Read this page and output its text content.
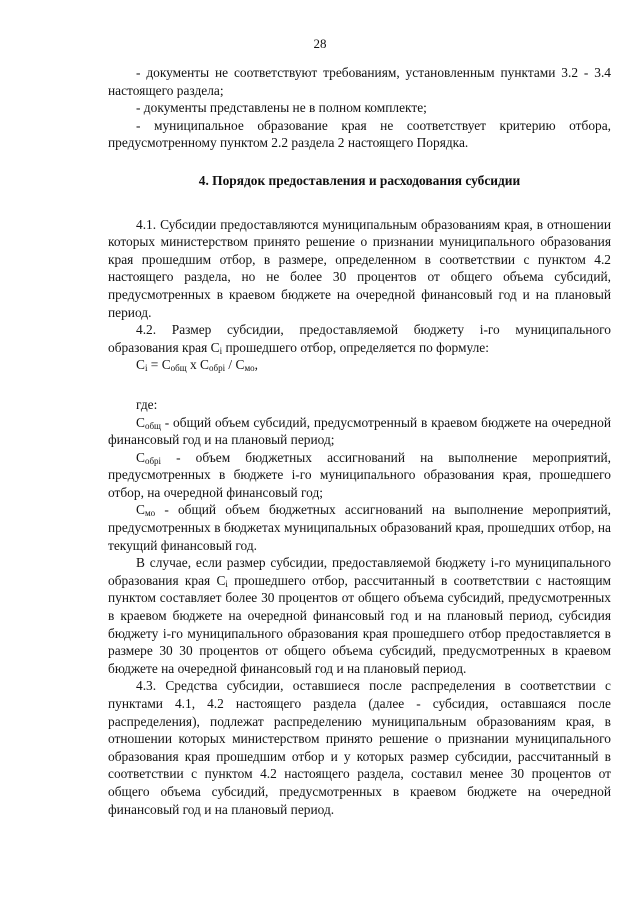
28

- документы не соответствуют требованиям, установленным пунктами 3.2 - 3.4 настоящего раздела;

- документы представлены не в полном комплекте;

- муниципальное образование края не соответствует критерию отбора, предусмотренному пунктом 2.2 раздела 2 настоящего Порядка.

4. Порядок предоставления и расходования субсидии

4.1. Субсидии предоставляются муниципальным образованиям края, в отношении которых министерством принято решение о признании муниципального образования края прошедшим отбор, в размере, определенном в соответствии с пунктом 4.2 настоящего раздела, но не более 30 процентов от общего объема субсидий, предусмотренных в краевом бюджете на очередной финансовый год и на плановый период.

4.2. Размер субсидии, предоставляемой бюджету i-го муниципального образования края $C_i$ прошедшего отбор, определяется по формуле:

$C_i = C_{общ}$ x $C_{обрi} / C_{мо}$,

где:

$C_{общ}$ - общий объем субсидий, предусмотренный в краевом бюджете на очередной финансовый год и на плановый период;

$C_{обрi}$ - объем бюджетных ассигнований на выполнение мероприятий, предусмотренных в бюджете i-го муниципального образования края, прошедшего отбор, на очередной финансовый год;

$C_{мо}$ - общий объем бюджетных ассигнований на выполнение мероприятий, предусмотренных в бюджетах муниципальных образований края, прошедших отбор, на текущий финансовый год.

В случае, если размер субсидии, предоставляемой бюджету i-го муниципального образования края $C_i$ прошедшего отбор, рассчитанный в соответствии с настоящим пунктом составляет более 30 процентов от общего объема субсидий, предусмотренных в краевом бюджете на очередной финансовый год и на плановый период, субсидия бюджету i-го муниципального образования края прошедшего отбор предоставляется в размере 30 30 процентов от общего объема субсидий, предусмотренных в краевом бюджете на очередной финансовый год и на плановый период.

4.3. Средства субсидии, оставшиеся после распределения в соответствии с пунктами 4.1, 4.2 настоящего раздела (далее - субсидия, оставшаяся после распределения), подлежат распределению муниципальным образованиям края, в отношении которых министерством принято решение о признании муниципального образования края прошедшим отбор и у которых размер субсидии, рассчитанный в соответствии с пунктом 4.2 настоящего раздела, составил менее 30 процентов от общего объема субсидий, предусмотренных в краевом бюджете на очередной финансовый год и на плановый период.
